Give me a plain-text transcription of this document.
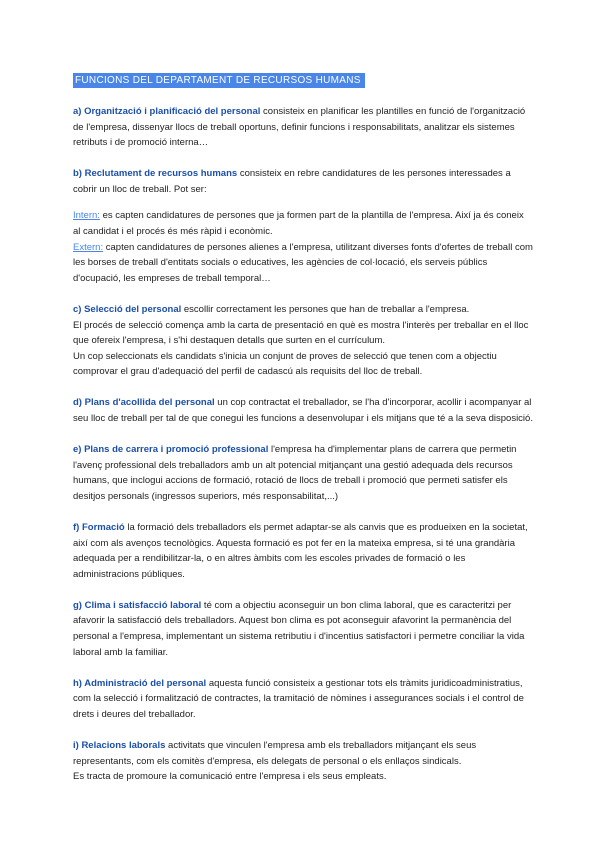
FUNCIONS DEL DEPARTAMENT DE RECURSOS HUMANS

a) Organització i planificació del personal consisteix en planificar les plantilles en funció de l'organització de l'empresa, dissenyar llocs de treball oportuns, definir funcions i responsabilitats, analitzar els sistemes retributs i de promoció interna…

b) Reclutament de recursos humans consisteix en rebre candidatures de les persones interessades a cobrir un lloc de treball. Pot ser:

Intern: es capten candidatures de persones que ja formen part de la plantilla de l'empresa. Així ja és coneix al candidat i el procés és més ràpid i econòmic.

Extern: capten candidatures de persones alienes a l'empresa, utilitzant diverses fonts d'ofertes de treball com les borses de treball d'entitats socials o educatives, les agències de col·locació, els serveis públics d'ocupació, les empreses de treball temporal…

c) Selecció del personal escollir correctament les persones que han de treballar a l'empresa.

El procés de selecció comença amb la carta de presentació en què es mostra l'interès per treballar en el lloc que ofereix l'empresa, i s'hi destaquen detalls que surten en el currículum.

Un cop seleccionats els candidats s'inicia un conjunt de proves de selecció que tenen com a objectiu comprovar el grau d'adequació del perfil de cadascú als requisits del lloc de treball.

d) Plans d'acollida del personal un cop contractat el treballador, se l'ha d'incorporar, acollir i acompanyar al seu lloc de treball per tal de que conegui les funcions a desenvolupar i els mitjans que té a la seva disposició.

e) Plans de carrera i promoció professional l'empresa ha d'implementar plans de carrera que permetin l'avenç professional dels treballadors amb un alt potencial mitjançant una gestió adequada dels recursos humans, que inclogui accions de formació, rotació de llocs de treball i promoció que permeti satisfer els desitjos personals (ingressos superiors, més responsabilitat,...)

f) Formació la formació dels treballadors els permet adaptar-se als canvis que es produeixen en la societat, així com als avenços tecnològics. Aquesta formació es pot fer en la mateixa empresa, si té una grandària adequada per a rendibilitzar-la, o en altres àmbits com les escoles privades de formació o les administracions públiques.

g) Clima i satisfacció laboral té com a objectiu aconseguir un bon clima laboral, que es caracteritzi per afavorir la satisfacció dels treballadors. Aquest bon clima es pot aconseguir afavorint la permanència del personal a l'empresa, implementant un sistema retributiu i d'incentius satisfactori i permetre conciliar la vida laboral amb la familiar.

h) Administració del personal aquesta funció consisteix a gestionar tots els tràmits juridicoadministratius, com la selecció i formalització de contractes, la tramitació de nòmines i assegurances socials i el control de drets i deures del treballador.

i) Relacions laborals activitats que vinculen l'empresa amb els treballadors mitjançant els seus representants, com els comitès d'empresa, els delegats de personal o els enllaços sindicals.

Es tracta de promoure la comunicació entre l'empresa i els seus empleats.
